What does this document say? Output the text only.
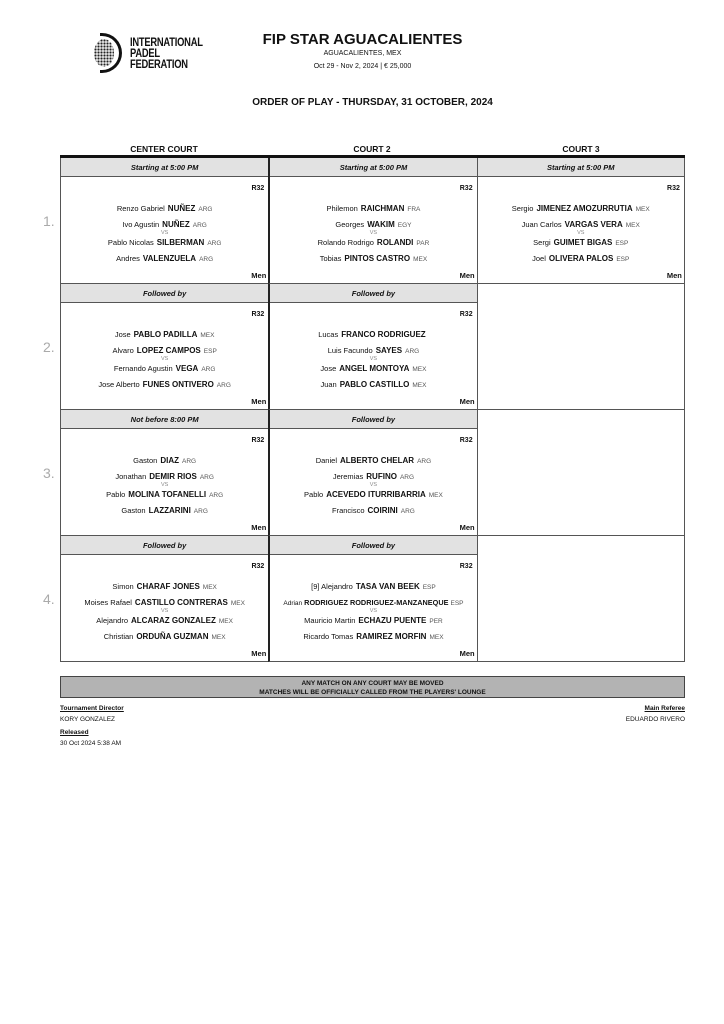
INTERNATIONAL
PADEL
FEDERATION
FIP STAR AGUACALIENTES
AGUACALIENTES, MEX
Oct 29 - Nov 2, 2024 | € 25,000
ORDER OF PLAY - THURSDAY, 31 OCTOBER, 2024
CENTER COURT	COURT 2	COURT 3
1.
Starting at 5:00 PM
R32
Renzo Gabriel NUÑEZ ARG
Ivo Agustin NUÑEZ ARG
VS
Pablo Nicolas SILBERMAN ARG
Andres VALENZUELA ARG
Men
Starting at 5:00 PM
R32
Philemon RAICHMAN FRA
Georges WAKIM EGY
VS
Rolando Rodrigo ROLANDI PAR
Tobias PINTOS CASTRO MEX
Men
Starting at 5:00 PM
R32
Sergio JIMENEZ AMOZURRUTIA MEX
Juan Carlos VARGAS VERA MEX
VS
Sergi GUIMET BIGAS ESP
Joel OLIVERA PALOS ESP
Men
2.
Followed by
R32
Jose PABLO PADILLA MEX
Alvaro LOPEZ CAMPOS ESP
VS
Fernando Agustin VEGA ARG
Jose Alberto FUNES ONTIVERO ARG
Men
Followed by
R32
Lucas FRANCO RODRIGUEZ
Luis Facundo SAYES ARG
VS
Jose ANGEL MONTOYA MEX
Juan PABLO CASTILLO MEX
Men
3.
Not before 8:00 PM
R32
Gaston DIAZ ARG
Jonathan DEMIR RIOS ARG
VS
Pablo MOLINA TOFANELLI ARG
Gaston LAZZARINI ARG
Men
Followed by
R32
Daniel ALBERTO CHELAR ARG
Jeremias RUFINO ARG
VS
Pablo ACEVEDO ITURRIBARRIA MEX
Francisco COIRINI ARG
Men
4.
Followed by
R32
Simon CHARAF JONES MEX
Moises Rafael CASTILLO CONTRERAS MEX
VS
Alejandro ALCARAZ GONZALEZ MEX
Christian ORDUÑA GUZMAN MEX
Men
Followed by
R32
[9] Alejandro TASA VAN BEEK ESP
Adrian RODRIGUEZ RODRIGUEZ-MANZANEQUE ESP
VS
Mauricio Martin ECHAZU PUENTE PER
Ricardo Tomas RAMIREZ MORFIN MEX
Men
ANY MATCH ON ANY COURT MAY BE MOVED
MATCHES WILL BE OFFICIALLY CALLED FROM THE PLAYERS' LOUNGE
Tournament Director
KORY GONZALEZ
Released
30 Oct 2024 5:38 AM
Main Referee
EDUARDO RIVERO
